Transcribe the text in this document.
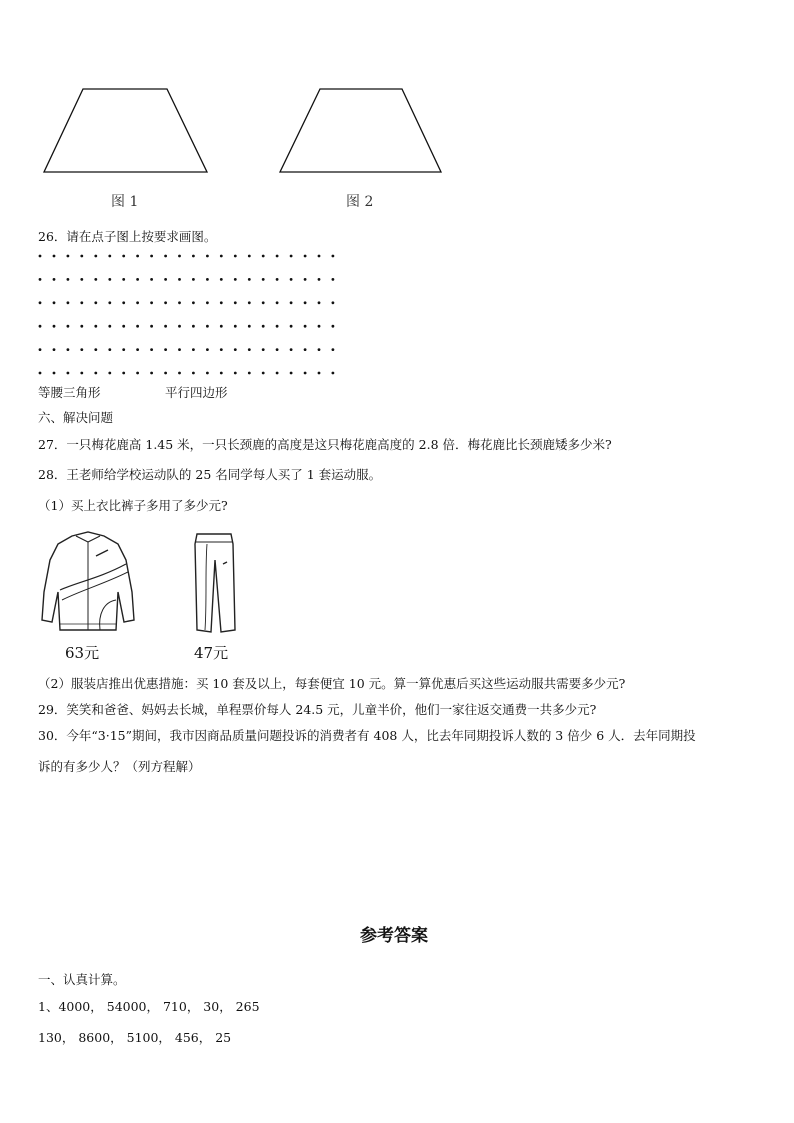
图 1	图 2
26．请在点子图上按要求画图。
等腰三角形	平行四边形
六、解决问题
27．一只梅花鹿高 1.45 米，一只长颈鹿的高度是这只梅花鹿高度的 2.8 倍．梅花鹿比长颈鹿矮多少米?
28．王老师给学校运动队的 25 名同学每人买了 1 套运动服。
（1）买上衣比裤子多用了多少元?
63元	47元
（2）服装店推出优惠措施：买 10 套及以上，每套便宜 10 元。算一算优惠后买这些运动服共需要多少元?
29．笑笑和爸爸、妈妈去长城，单程票价每人 24.5 元，儿童半价，他们一家往返交通费一共多少元?
30．今年“3·15”期间，我市因商品质量问题投诉的消费者有 408 人，比去年同期投诉人数的 3 倍少 6 人．去年同期投
诉的有多少人？（列方程解）
参考答案
一、认真计算。
1、4000， 54000， 710， 30， 265
130， 8600， 5100， 456， 25
